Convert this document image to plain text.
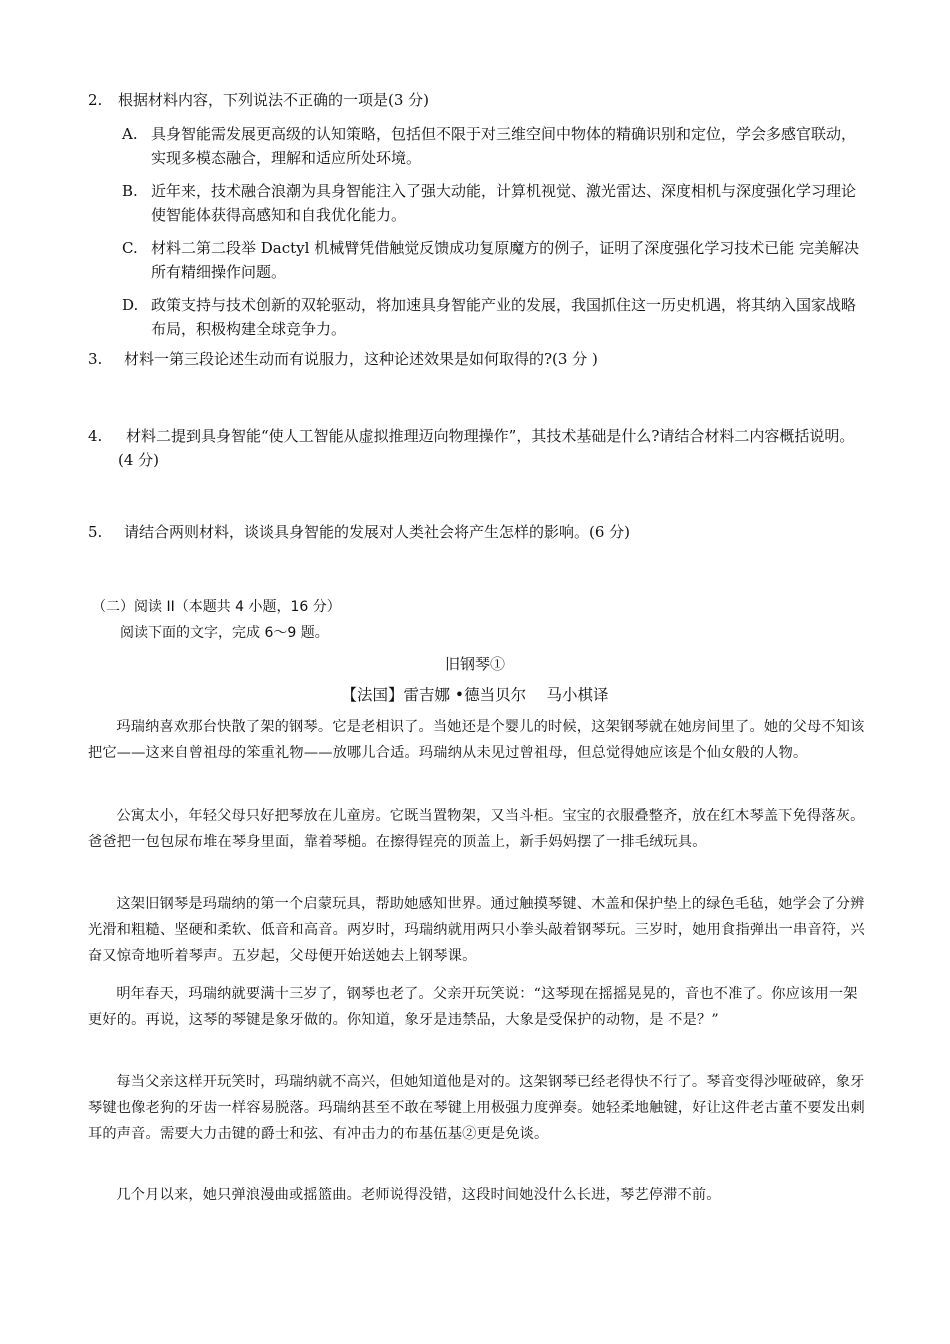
2. 根据材料内容，下列说法不正确的一项是(3 分)
A. 具身智能需发展更高级的认知策略，包括但不限于对三维空间中物体的精确识别和定位，学会多感官联动，实现多模态融合，理解和适应所处环境。
B. 近年来，技术融合浪潮为具身智能注入了强大动能，计算机视觉、激光雷达、深度相机与深度强化学习理论使智能体获得高感知和自我优化能力。
C. 材料二第二段举 Dactyl 机械臂凭借触觉反馈成功复原魔方的例子，证明了深度强化学习技术已能 完美解决所有精细操作问题。
D. 政策支持与技术创新的双轮驱动，将加速具身智能产业的发展，我国抓住这一历史机遇，将其纳入国家战略布局，积极构建全球竞争力。
3. 材料一第三段论述生动而有说服力，这种论述效果是如何取得的?(3 分 )
4.	材料二提到具身智能“使人工智能从虚拟推理迈向物理操作”，其技术基础是什么?请结合材料二内容概括说明。(4 分)
5. 请结合两则材料，谈谈具身智能的发展对人类社会将产生怎样的影响。(6 分)
（二）阅读 II（本题共 4 小题，16 分）
阅读下面的文字，完成 6～9 题。
旧钢琴①
【法国】雷吉娜 •德当贝尔　 马小棋译
玛瑞纳喜欢那台快散了架的钢琴。它是老相识了。当她还是个婴儿的时候，这架钢琴就在她房间里了。她的父母不知该把它——这来自曾祖母的笨重礼物——放哪儿合适。玛瑞纳从未见过曾祖母，但总觉得她应该是个仙女般的人物。
公寓太小，年轻父母只好把琴放在儿童房。它既当置物架，又当斗柜。宝宝的衣服叠整齐，放在红木琴盖下免得落灰。爸爸把一包包尿布堆在琴身里面，靠着琴槌。在擦得锃亮的顶盖上，新手妈妈摆了一排毛绒玩具。
这架旧钢琴是玛瑞纳的第一个启蒙玩具，帮助她感知世界。通过触摸琴键、木盖和保护垫上的绿色毛毡，她学会了分辨光滑和粗糙、坚硬和柔软、低音和高音。两岁时，玛瑞纳就用两只小拳头敲着钢琴玩。三岁时，她用食指弹出一串音符，兴奋又惊奇地听着琴声。五岁起，父母便开始送她去上钢琴课。
明年春天，玛瑞纳就要满十三岁了，钢琴也老了。父亲开玩笑说：“这琴现在摇摇晃晃的，音也不准了。你应该用一架更好的。再说，这琴的琴键是象牙做的。你知道，象牙是违禁品，大象是受保护的动物，是 不是？”
每当父亲这样开玩笑时，玛瑞纳就不高兴，但她知道他是对的。这架钢琴已经老得快不行了。琴音变得沙哑破碎，象牙琴键也像老狗的牙齿一样容易脱落。玛瑞纳甚至不敢在琴键上用极强力度弹奏。她轻柔地触键，好让这件老古董不要发出刺耳的声音。需要大力击键的爵士和弦、有冲击力的布基伍基②更是免谈。
几个月以来，她只弹浪漫曲或摇篮曲。老师说得没错，这段时间她没什么长进，琴艺停滞不前。
